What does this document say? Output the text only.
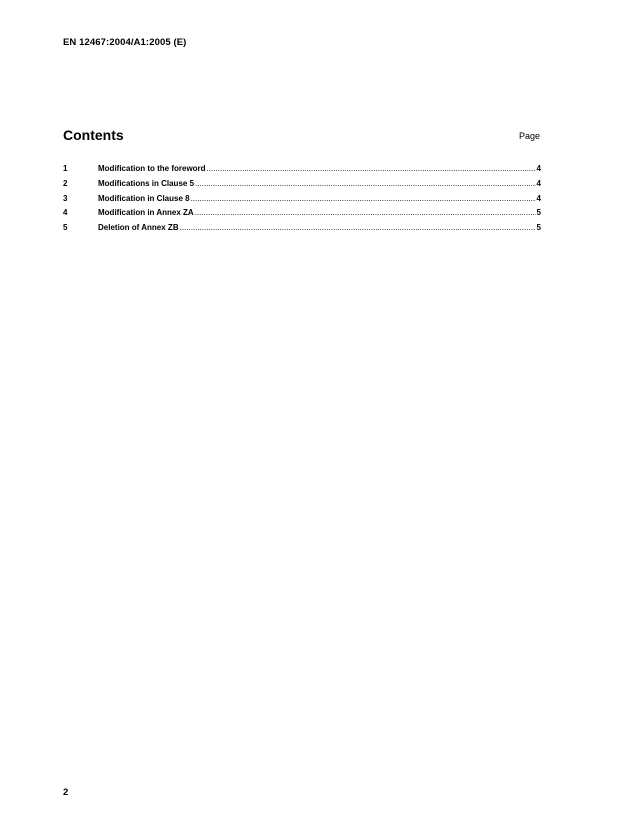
EN 12467:2004/A1:2005 (E)
Contents	Page
1	Modification to the foreword .....	4
2	Modifications in Clause 5 .....	4
3	Modification in Clause 8 .....	4
4	Modification in Annex ZA .....	5
5	Deletion of Annex ZB .....	5
2
